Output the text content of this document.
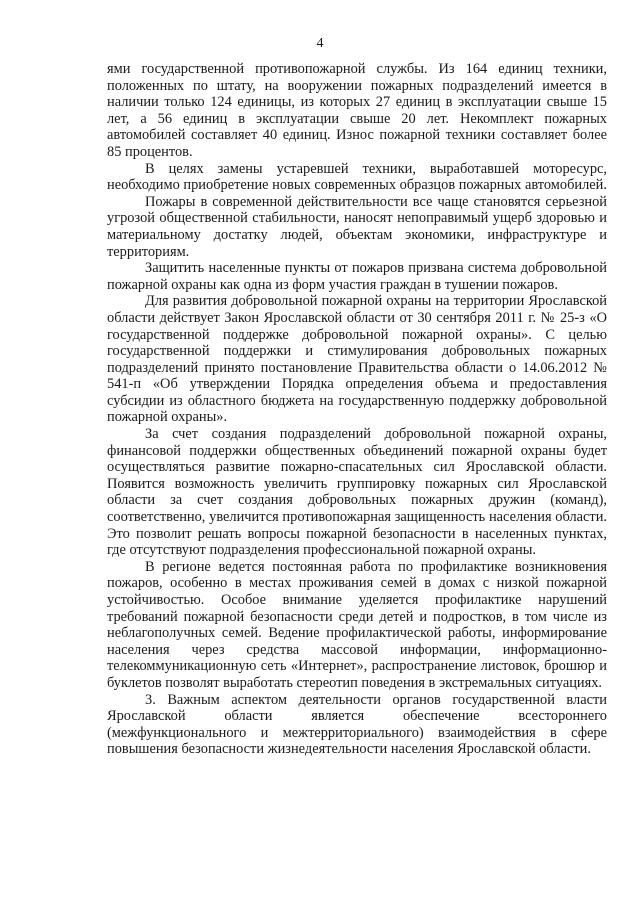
4

ями государственной противопожарной службы. Из 164 единиц техники, положенных по штату, на вооружении пожарных подразделений имеется в наличии только 124 единицы, из которых 27 единиц в эксплуатации свыше 15 лет, а 56 единиц в эксплуатации свыше 20 лет. Некомплект пожарных автомобилей составляет 40 единиц. Износ пожарной техники составляет более 85 процентов.

В целях замены устаревшей техники, выработавшей моторесурс, необходимо приобретение новых современных образцов пожарных автомобилей.

Пожары в современной действительности все чаще становятся серьезной угрозой общественной стабильности, наносят непоправимый ущерб здоровью и материальному достатку людей, объектам экономики, инфраструктуре и территориям.

Защитить населенные пункты от пожаров призвана система добровольной пожарной охраны как одна из форм участия граждан в тушении пожаров.

Для развития добровольной пожарной охраны на территории Ярославской области действует Закон Ярославской области от 30 сентября 2011 г. № 25-з «О государственной поддержке добровольной пожарной охраны». С целью государственной поддержки и стимулирования добровольных пожарных подразделений принято постановление Правительства области о 14.06.2012 № 541-п «Об утверждении Порядка определения объема и предоставления субсидии из областного бюджета на государственную поддержку добровольной пожарной охраны».

За счет создания подразделений добровольной пожарной охраны, финансовой поддержки общественных объединений пожарной охраны будет осуществляться развитие пожарно-спасательных сил Ярославской области. Появится возможность увеличить группировку пожарных сил Ярославской области за счет создания добровольных пожарных дружин (команд), соответственно, увеличится противопожарная защищенность населения области. Это позволит решать вопросы пожарной безопасности в населенных пунктах, где отсутствуют подразделения профессиональной пожарной охраны.

В регионе ведется постоянная работа по профилактике возникновения пожаров, особенно в местах проживания семей в домах с низкой пожарной устойчивостью. Особое внимание уделяется профилактике нарушений требований пожарной безопасности среди детей и подростков, в том числе из неблагополучных семей. Ведение профилактической работы, информирование населения через средства массовой информации, информационно-телекоммуникационную сеть «Интернет», распространение листовок, брошюр и буклетов позволят выработать стереотип поведения в экстремальных ситуациях.

3. Важным аспектом деятельности органов государственной власти Ярославской области является обеспечение всестороннего (межфункционального и межтерриториального) взаимодействия в сфере повышения безопасности жизнедеятельности населения Ярославской области.
